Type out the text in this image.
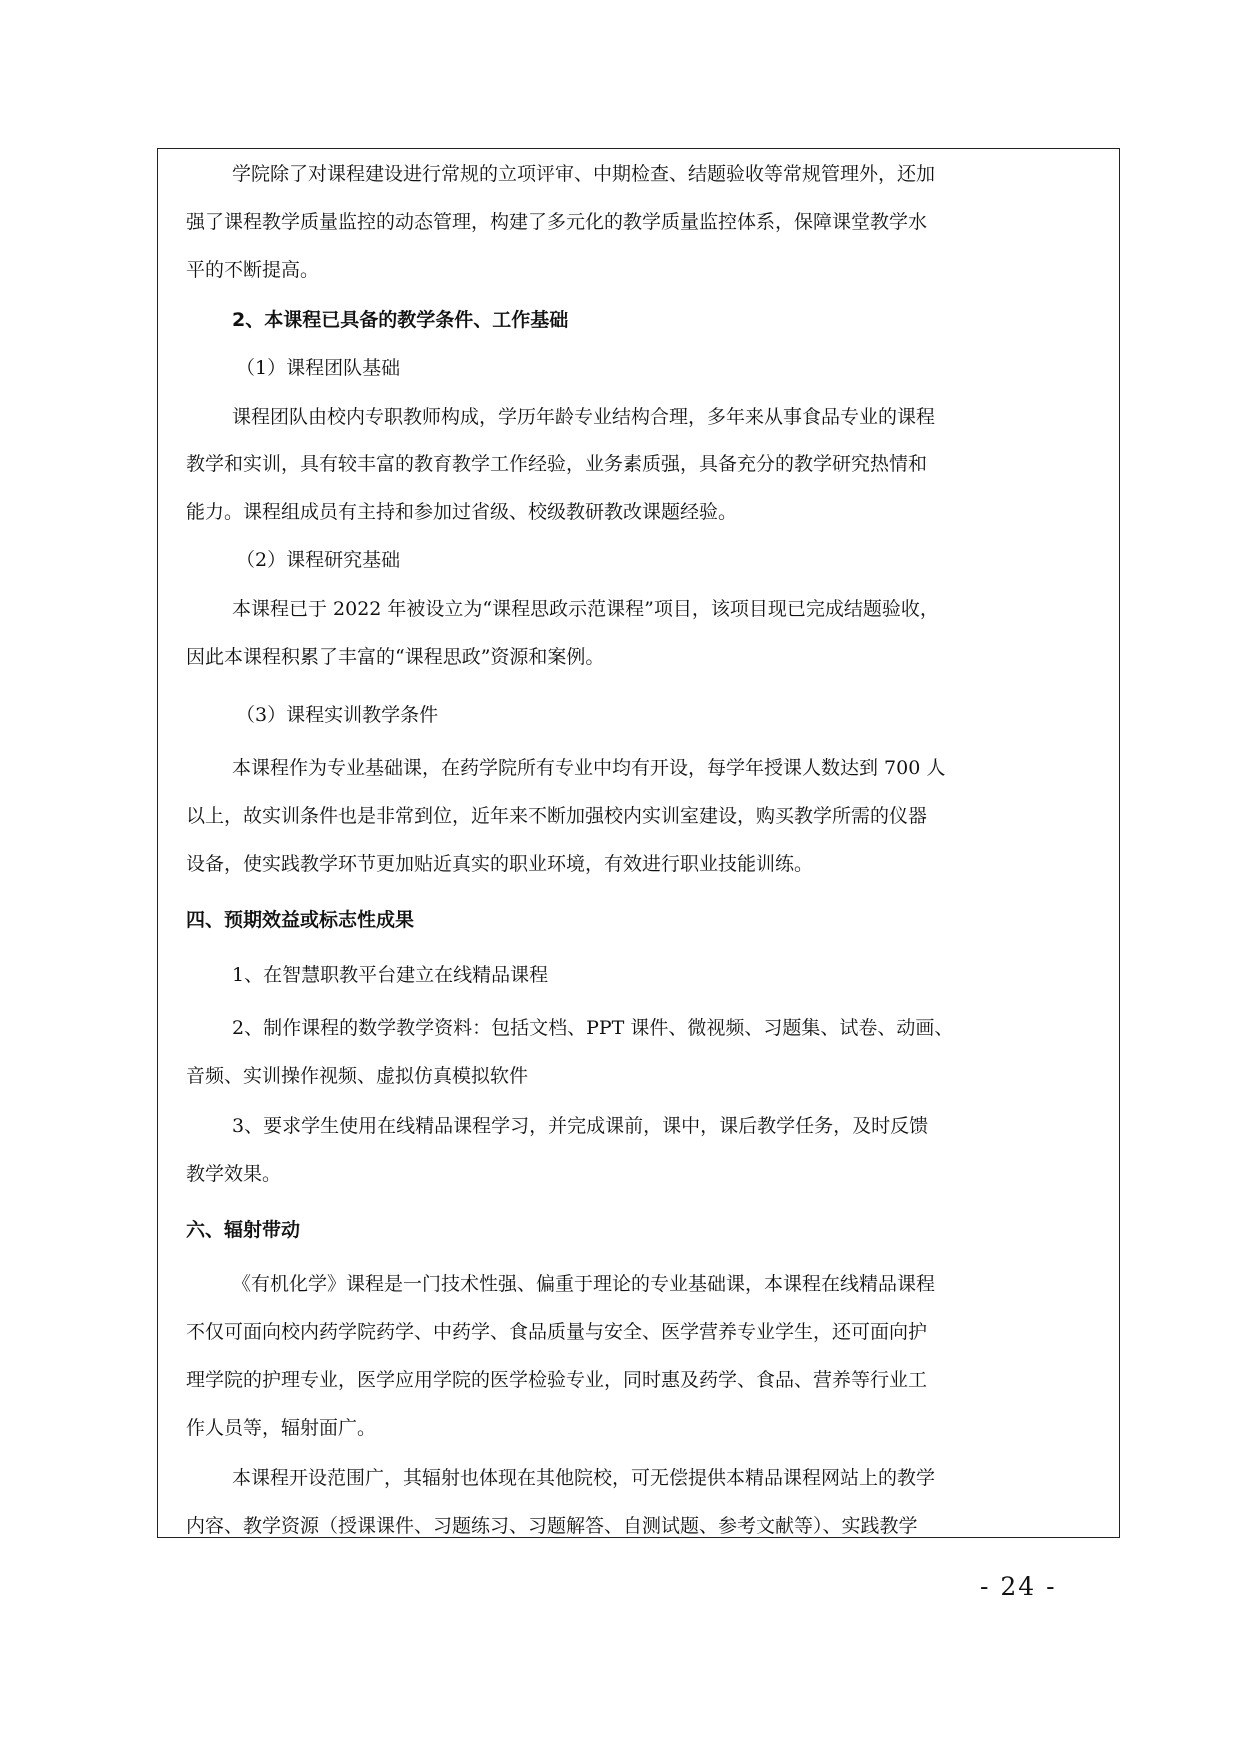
学院除了对课程建设进行常规的立项评审、中期检查、结题验收等常规管理外，还加
强了课程教学质量监控的动态管理，构建了多元化的教学质量监控体系，保障课堂教学水
平的不断提高。
2、本课程已具备的教学条件、工作基础
（1）课程团队基础
课程团队由校内专职教师构成，学历年龄专业结构合理，多年来从事食品专业的课程
教学和实训，具有较丰富的教育教学工作经验，业务素质强，具备充分的教学研究热情和
能力。课程组成员有主持和参加过省级、校级教研教改课题经验。
（2）课程研究基础
本课程已于 2022 年被设立为“课程思政示范课程”项目，该项目现已完成结题验收，
因此本课程积累了丰富的“课程思政”资源和案例。
（3）课程实训教学条件
本课程作为专业基础课，在药学院所有专业中均有开设，每学年授课人数达到 700 人
以上，故实训条件也是非常到位，近年来不断加强校内实训室建设，购买教学所需的仪器
设备，使实践教学环节更加贴近真实的职业环境，有效进行职业技能训练。
四、预期效益或标志性成果
1、在智慧职教平台建立在线精品课程
2、制作课程的数学教学资料：包括文档、PPT 课件、微视频、习题集、试卷、动画、
音频、实训操作视频、虚拟仿真模拟软件
3、要求学生使用在线精品课程学习，并完成课前，课中，课后教学任务，及时反馈
教学效果。
六、辐射带动
《有机化学》课程是一门技术性强、偏重于理论的专业基础课，本课程在线精品课程
不仅可面向校内药学院药学、中药学、食品质量与安全、医学营养专业学生，还可面向护
理学院的护理专业，医学应用学院的医学检验专业，同时惠及药学、食品、营养等行业工
作人员等，辐射面广。
本课程开设范围广，其辐射也体现在其他院校，可无偿提供本精品课程网站上的教学
内容、教学资源（授课课件、习题练习、习题解答、自测试题、参考文献等）、实践教学
- 24 -
